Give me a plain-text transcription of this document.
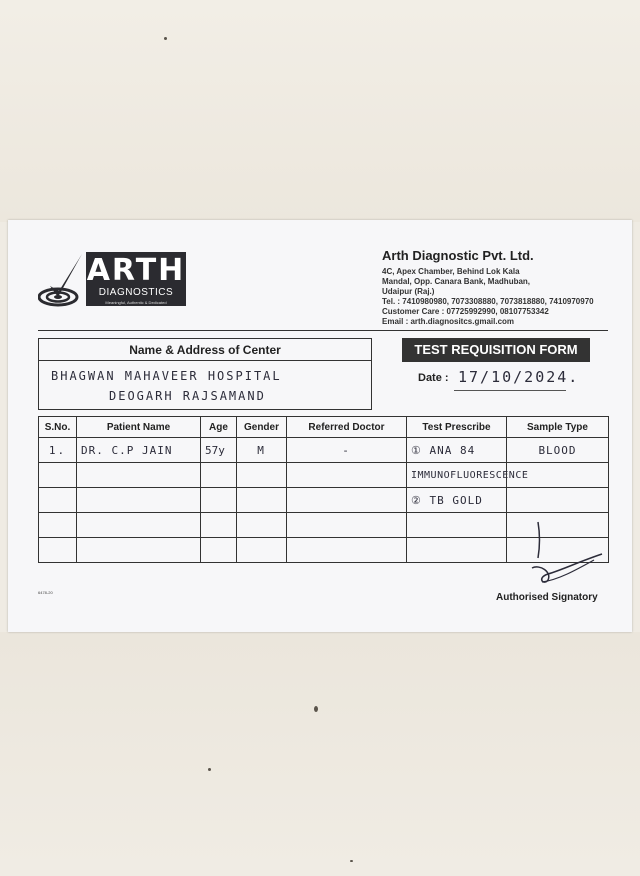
ARTH
DIAGNOSTICS
Meaningful, Authentic & Dedicated
Arth Diagnostic Pvt. Ltd.
4C, Apex Chamber, Behind Lok Kala
Mandal, Opp. Canara Bank, Madhuban,
Udaipur (Raj.)
Tel. : 7410980980, 7073308880, 7073818880, 7410970970
Customer Care : 07725992990, 08107753342
Email : arth.diagnositcs.gmail.com
Name & Address of Center
BHAGWAN MAHAVEER HOSPITAL
DEOGARH RAJSAMAND
TEST REQUISITION FORM
Date : 17/10/2024.
S.No.	Patient Name	Age	Gender	Referred Doctor	Test Prescribe	Sample Type
1.	DR. C.P JAIN	57y	M	-	① ANA 84	BLOOD
					IMMUNOFLUORESCENCE	
					② TB GOLD	

6478-20	Authorised Signatory
